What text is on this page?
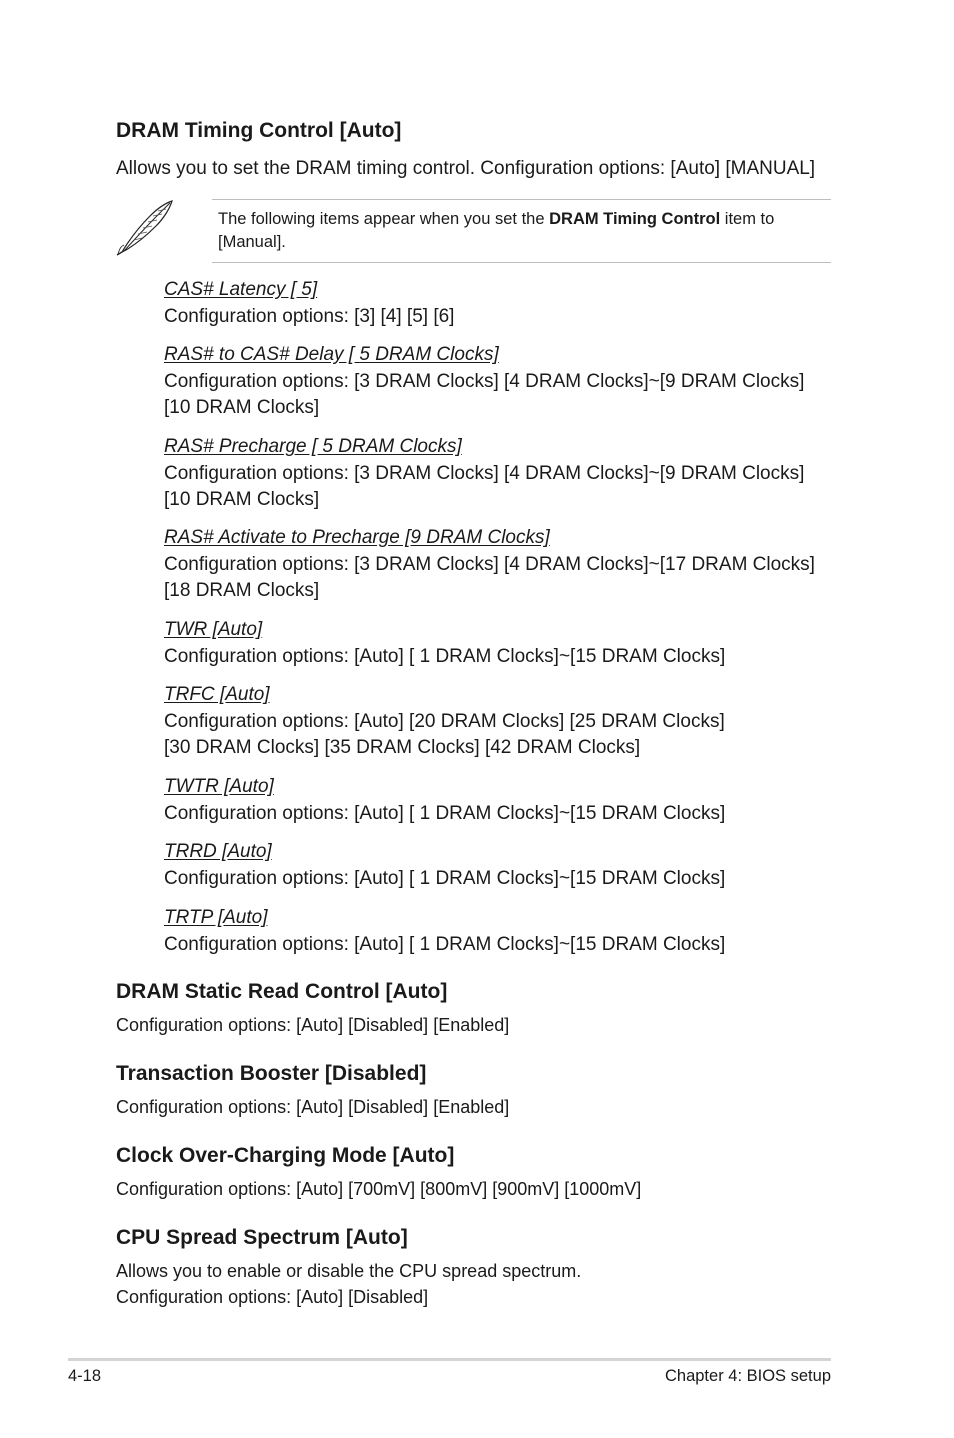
DRAM Timing Control [Auto]
Allows you to set the DRAM timing control. Configuration options: [Auto] [MANUAL]
The following items appear when you set the DRAM Timing Control item to
[Manual].
CAS# Latency [ 5]
Configuration options: [3] [4] [5] [6]
RAS# to CAS# Delay [ 5 DRAM Clocks]
Configuration options: [3 DRAM Clocks] [4 DRAM Clocks]~[9 DRAM Clocks]
[10 DRAM Clocks]
RAS# Precharge [ 5 DRAM Clocks]
Configuration options: [3 DRAM Clocks] [4 DRAM Clocks]~[9 DRAM Clocks]
[10 DRAM Clocks]
RAS# Activate to Precharge [9 DRAM Clocks]
Configuration options: [3 DRAM Clocks] [4 DRAM Clocks]~[17 DRAM Clocks]
[18 DRAM Clocks]
TWR [Auto]
Configuration options: [Auto] [ 1 DRAM Clocks]~[15 DRAM Clocks]
TRFC [Auto]
Configuration options: [Auto] [20 DRAM Clocks] [25 DRAM Clocks]
[30 DRAM Clocks] [35 DRAM Clocks] [42 DRAM Clocks]
TWTR [Auto]
Configuration options: [Auto] [ 1 DRAM Clocks]~[15 DRAM Clocks]
TRRD [Auto]
Configuration options: [Auto] [ 1 DRAM Clocks]~[15 DRAM Clocks]
TRTP [Auto]
Configuration options: [Auto] [ 1 DRAM Clocks]~[15 DRAM Clocks]
DRAM Static Read Control [Auto]
Configuration options: [Auto] [Disabled] [Enabled]
Transaction Booster [Disabled]
Configuration options: [Auto] [Disabled] [Enabled]
Clock Over-Charging Mode [Auto]
Configuration options: [Auto] [700mV] [800mV] [900mV] [1000mV]
CPU Spread Spectrum [Auto]
Allows you to enable or disable the CPU spread spectrum.
Configuration options: [Auto] [Disabled]
4-18	Chapter 4: BIOS setup
